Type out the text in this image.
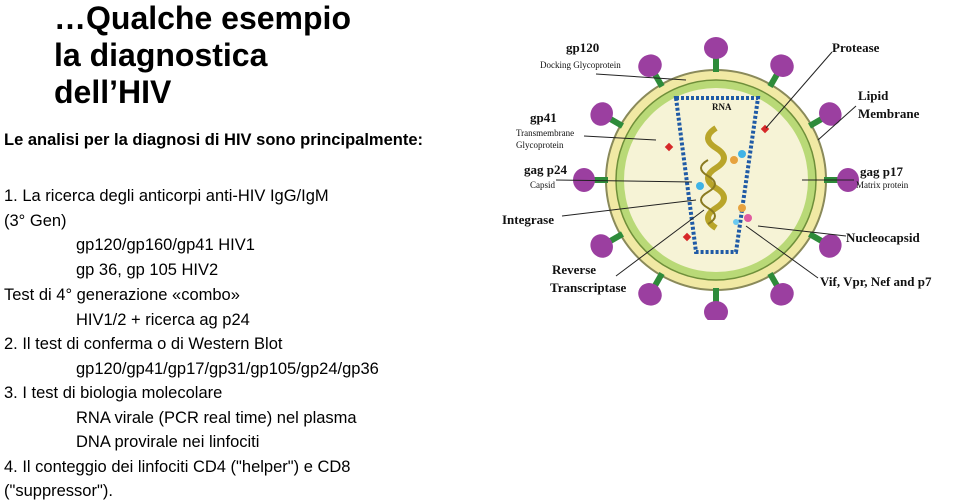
…Qualche esempio
la diagnostica
dell’HIV
Le analisi per la diagnosi di HIV sono principalmente:
1. La ricerca degli anticorpi anti-HIV IgG/IgM
(3° Gen)
gp120/gp160/gp41 HIV1
gp 36, gp 105 HIV2
Test di 4° generazione «combo»
HIV1/2 + ricerca ag p24
2. Il test di conferma o di Western Blot
gp120/gp41/gp17/gp31/gp105/gp24/gp36
3. I test di biologia molecolare
RNA virale (PCR real time) nel plasma
DNA provirale nei linfociti
4. Il conteggio dei linfociti CD4 ("helper") e CD8
("suppressor").
RNA
gp120
Docking Glycoprotein
gp41
Transmembrane
Glycoprotein
gag p24
Capsid
Integrase
Reverse
Transcriptase
Protease
Lipid
Membrane
gag p17
Matrix protein
Nucleocapsid
Vif, Vpr, Nef and p7
